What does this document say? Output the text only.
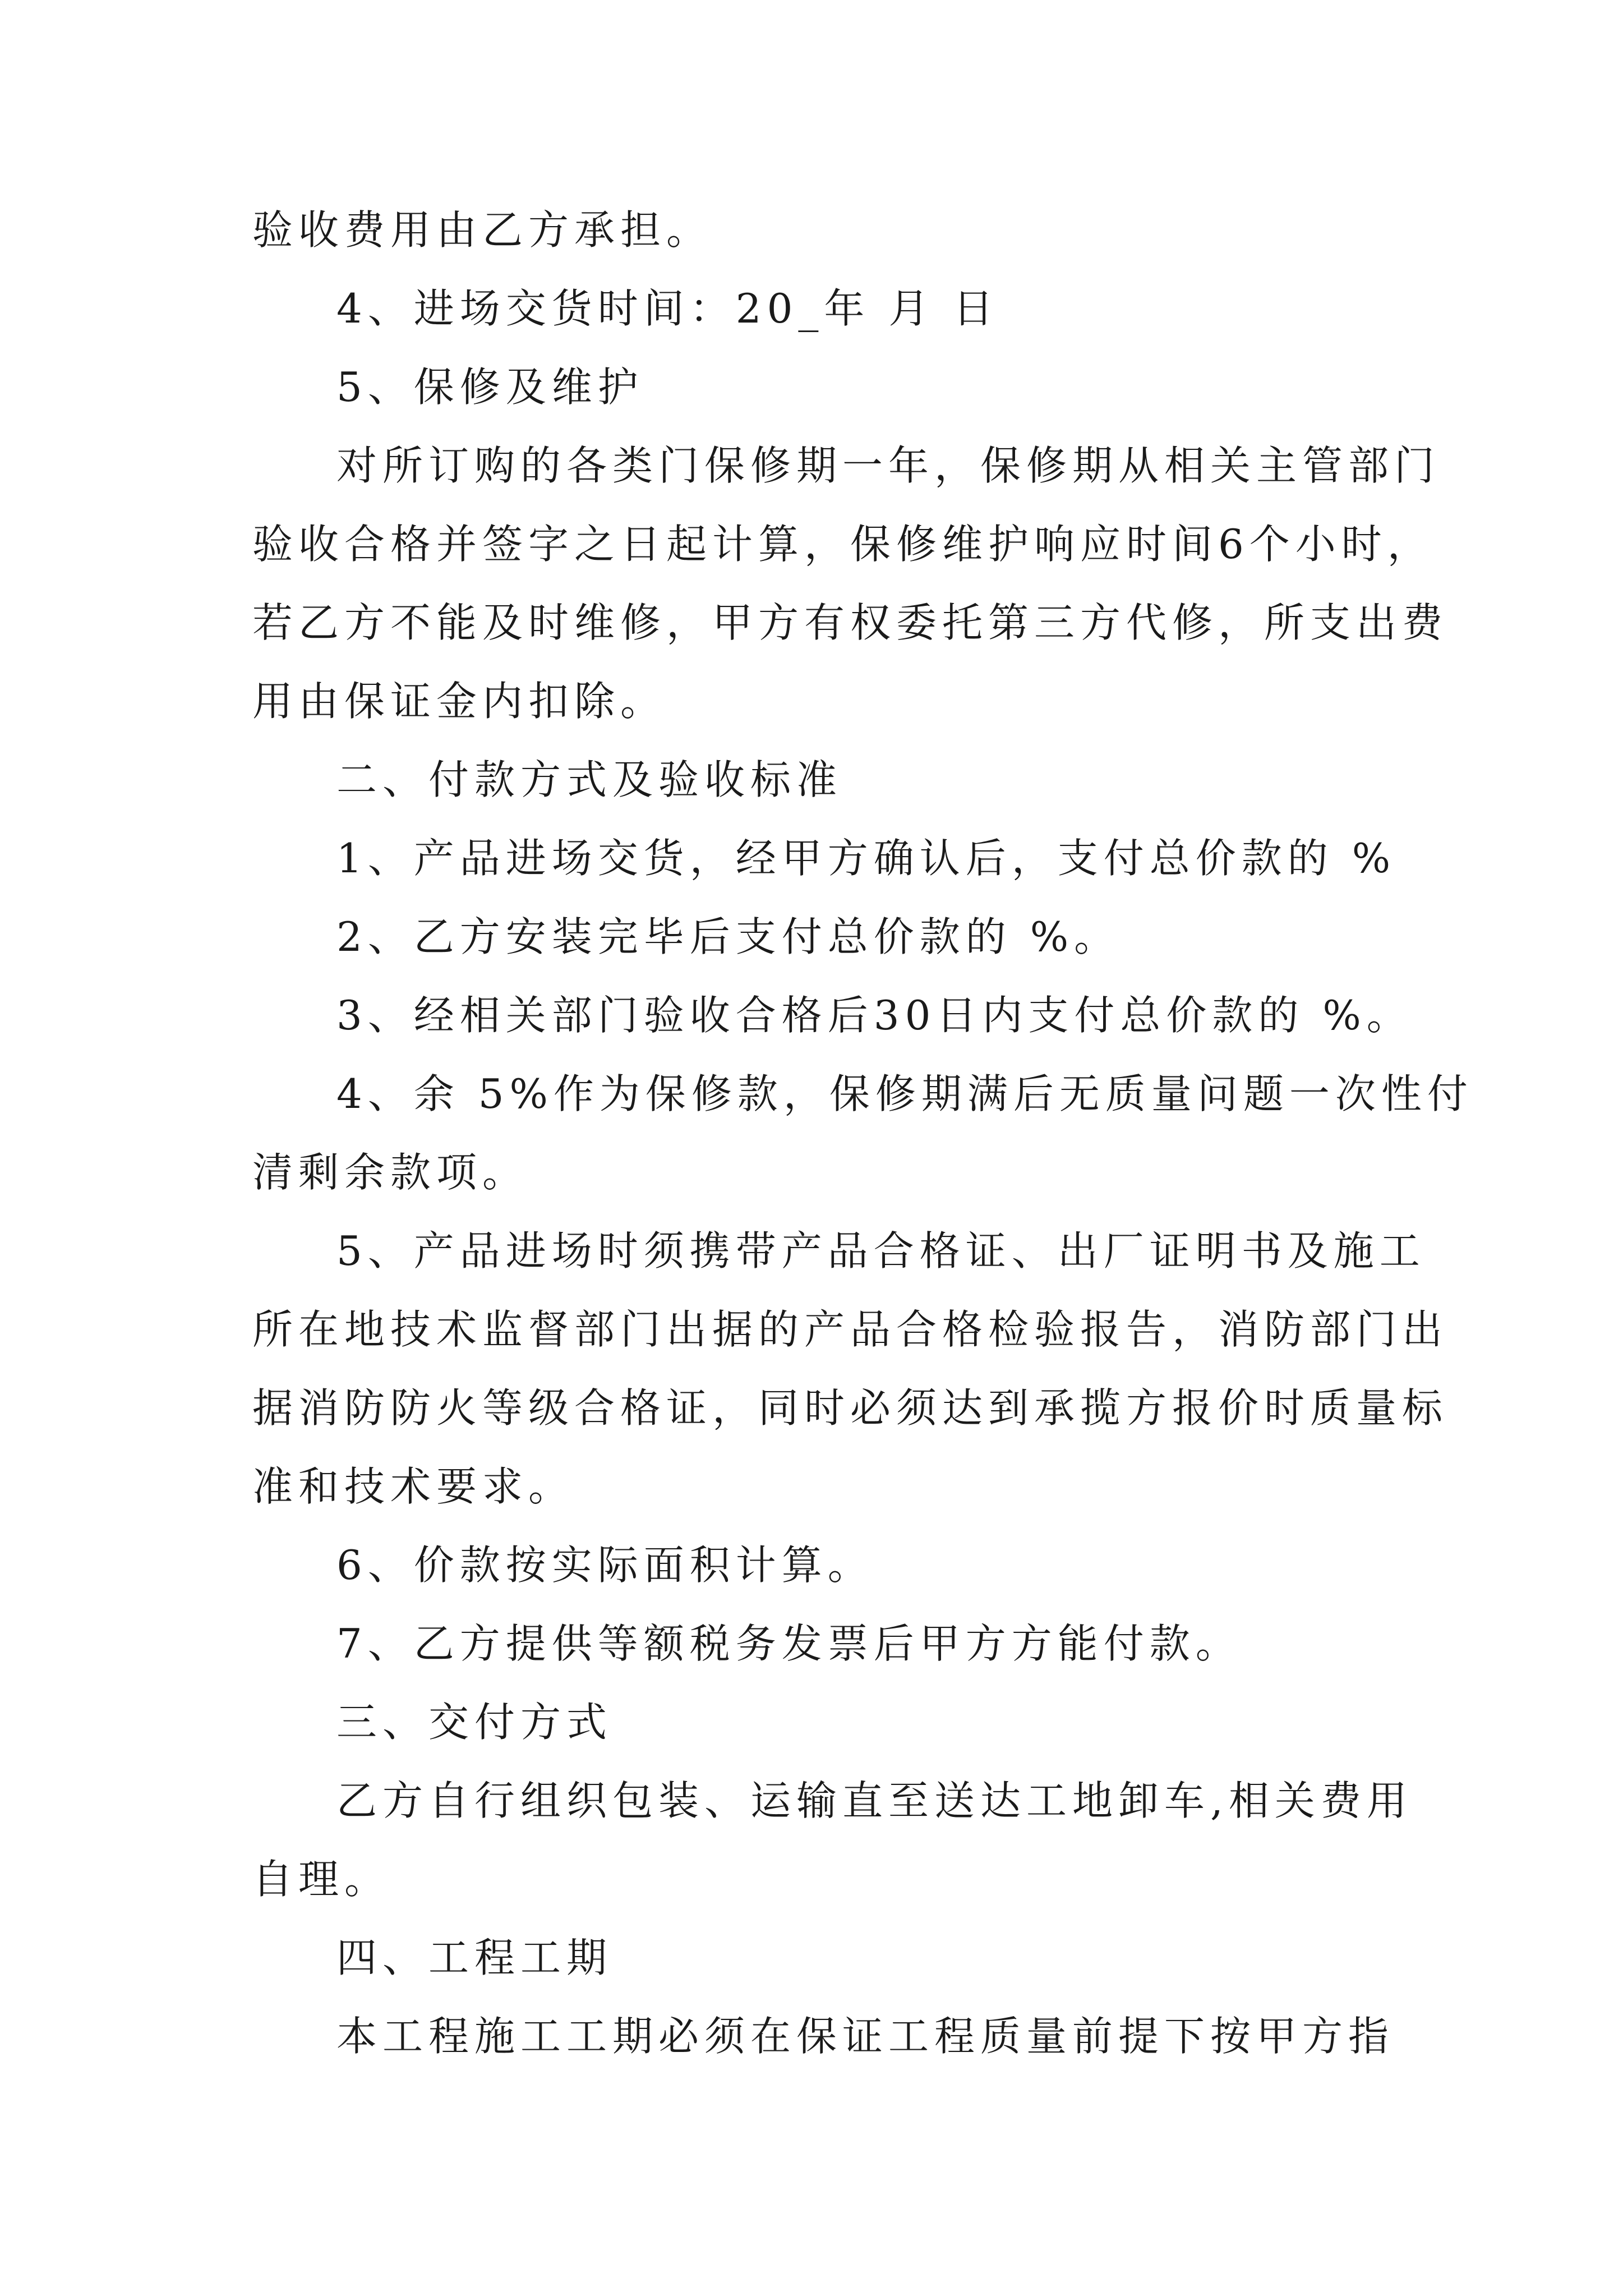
验收费用由乙方承担。
4、进场交货时间：20_年 月 日
5、保修及维护
对所订购的各类门保修期一年，保修期从相关主管部门
验收合格并签字之日起计算，保修维护响应时间6个小时，
若乙方不能及时维修，甲方有权委托第三方代修，所支出费
用由保证金内扣除。
二、付款方式及验收标准
1、产品进场交货，经甲方确认后，支付总价款的 %
2、乙方安装完毕后支付总价款的 %。
3、经相关部门验收合格后30日内支付总价款的 %。
4、余 5%作为保修款，保修期满后无质量问题一次性付
清剩余款项。
5、产品进场时须携带产品合格证、出厂证明书及施工
所在地技术监督部门出据的产品合格检验报告，消防部门出
据消防防火等级合格证，同时必须达到承揽方报价时质量标
准和技术要求。
6、价款按实际面积计算。
7、乙方提供等额税务发票后甲方方能付款。
三、交付方式
乙方自行组织包装、运输直至送达工地卸车,相关费用
自理。
四、工程工期
本工程施工工期必须在保证工程质量前提下按甲方指
